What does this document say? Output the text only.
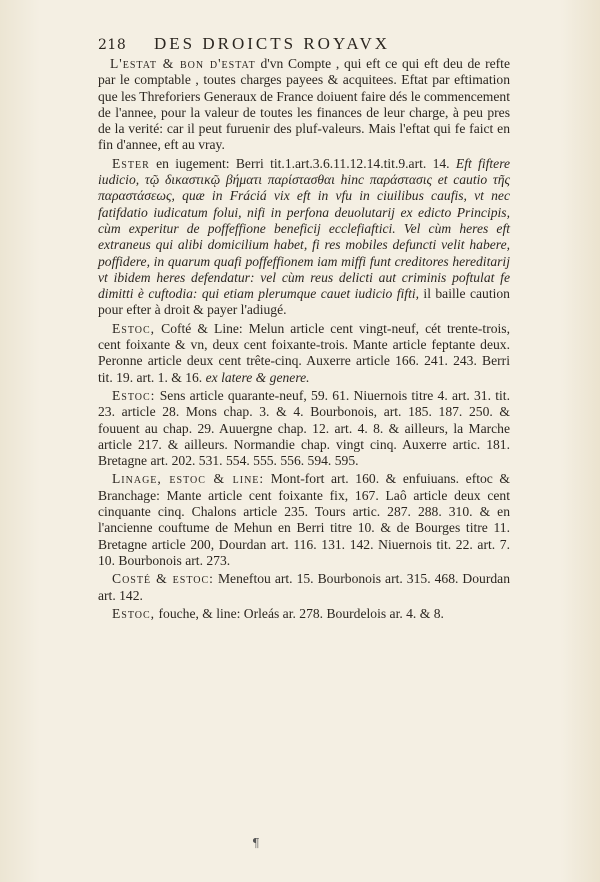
218	DES DROICTS ROYAVX

L'estat & bon d'estat d'vn Compte , qui eft ce qui eft deu de refte par le comptable , toutes charges payees & acquitees. Eftat par eftimation que les Threforiers Generaux de France doiuent faire dés le commencement de l'annee, pour la valeur de toutes les finances de leur charge, à peu pres de la verité: car il peut furuenir des pluf-valeurs. Mais l'eftat qui fe faict en fin d'annee, eft au vray.

Ester en iugement: Berri tit.1.art.3.6.11.12.14.tit.9.art. 14. Eft fiftere iudicio, τῷ δικαστικῷ βήματι παρίστασθαι hinc παράστασις et cautio τῆς παραστάσεως, quæ in Fráciá vix eft in vfu in ciuilibus caufis, vt nec fatifdatio iudicatum folui, nifi in perfona deuolutarij ex edicto Principis, cùm experitur de poffeffione beneficij ecclefiaftici. Vel cùm heres eft extraneus qui alibi domicilium habet, fi res mobiles defuncti velit habere, poffidere, in quarum quafi poffeffionem iam miffi funt creditores hereditarij vt ibidem heres defendatur: vel cùm reus delicti aut criminis poftulat fe dimitti è cuftodia: qui etiam plerumque cauet iudicio fifti, il baille caution pour efter à droit & payer l'adiugé.

Estoc, Cofté & Line: Melun article cent vingt-neuf, cét trente-trois, cent foixante & vn, deux cent foixante-trois. Mante article feptante deux. Peronne article deux cent trête-cinq. Auxerre article 166. 241. 243. Berri tit. 19. art. 1. & 16. ex latere & genere.

Estoc: Sens article quarante-neuf, 59. 61. Niuernois titre 4. art. 31. tit. 23. article 28. Mons chap. 3. & 4. Bourbonois, art. 185. 187. 250. & fouuent au chap. 29. Auuergne chap. 12. art. 4. 8. & ailleurs, la Marche article 217. & ailleurs. Normandie chap. vingt cinq. Auxerre artic. 181. Bretagne art. 202. 531. 554. 555. 556. 594. 595.

Linage, estoc & line: Mont-fort art. 160. & enfuiuans. eftoc & Branchage: Mante article cent foixante fix, 167. Laô article deux cent cinquante cinq. Chalons article 235. Tours artic. 287. 288. 310. & en l'ancienne couftume de Mehun en Berri titre 10. & de Bourges titre 11. Bretagne article 200, Dourdan art. 116. 131. 142. Niuernois tit. 22. art. 7. 10. Bourbonois art. 273.

Costé & estoc: Meneftou art. 15. Bourbonois art. 315. 468. Dourdan art. 142.

Estoc, fouche, & line: Orleás ar. 278. Bourdelois ar. 4. & 8.

¶
